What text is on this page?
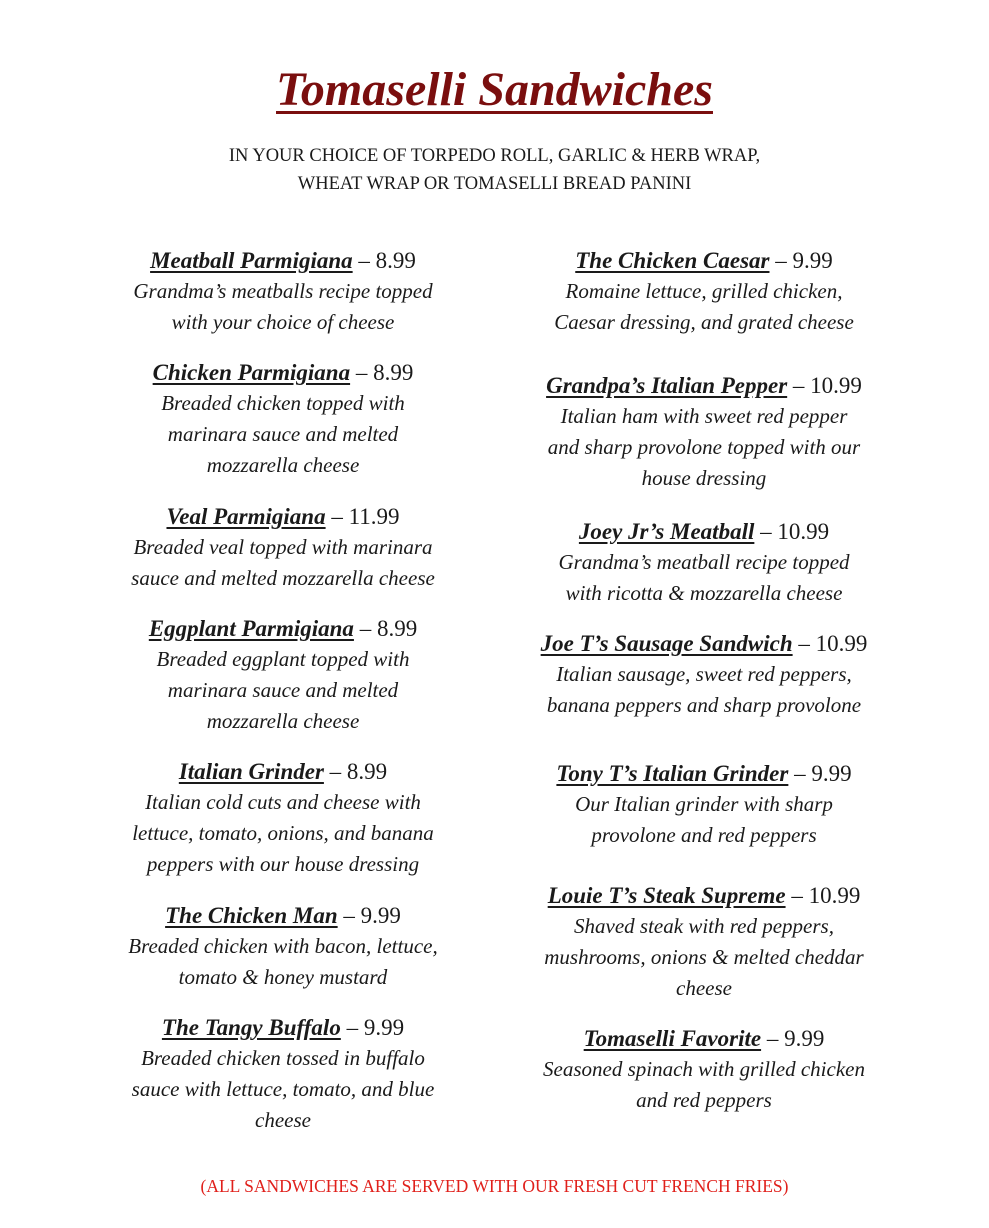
Tomaselli Sandwiches
IN YOUR CHOICE OF TORPEDO ROLL, GARLIC & HERB WRAP,
WHEAT WRAP OR TOMASELLI BREAD PANINI
Meatball Parmigiana – 8.99
Grandma’s meatballs recipe topped
with your choice of cheese
Chicken Parmigiana – 8.99
Breaded chicken topped with
marinara sauce and melted
mozzarella cheese
Veal Parmigiana – 11.99
Breaded veal topped with marinara
sauce and melted mozzarella cheese
Eggplant Parmigiana – 8.99
Breaded eggplant topped with
marinara sauce and melted
mozzarella cheese
Italian Grinder – 8.99
Italian cold cuts and cheese with
lettuce, tomato, onions, and banana
peppers with our house dressing
The Chicken Man – 9.99
Breaded chicken with bacon, lettuce,
tomato & honey mustard
The Tangy Buffalo – 9.99
Breaded chicken tossed in buffalo
sauce with lettuce, tomato, and blue
cheese
The Chicken Caesar – 9.99
Romaine lettuce, grilled chicken,
Caesar dressing, and grated cheese
Grandpa’s Italian Pepper – 10.99
Italian ham with sweet red pepper
and sharp provolone topped with our
house dressing
Joey Jr’s Meatball – 10.99
Grandma’s meatball recipe topped
with ricotta & mozzarella cheese
Joe T’s Sausage Sandwich – 10.99
Italian sausage, sweet red peppers,
banana peppers and sharp provolone
Tony T’s Italian Grinder – 9.99
Our Italian grinder with sharp
provolone and red peppers
Louie T’s Steak Supreme – 10.99
Shaved steak with red peppers,
mushrooms, onions & melted cheddar
cheese
Tomaselli Favorite – 9.99
Seasoned spinach with grilled chicken
and red peppers
(ALL SANDWICHES ARE SERVED WITH OUR FRESH CUT FRENCH FRIES)
